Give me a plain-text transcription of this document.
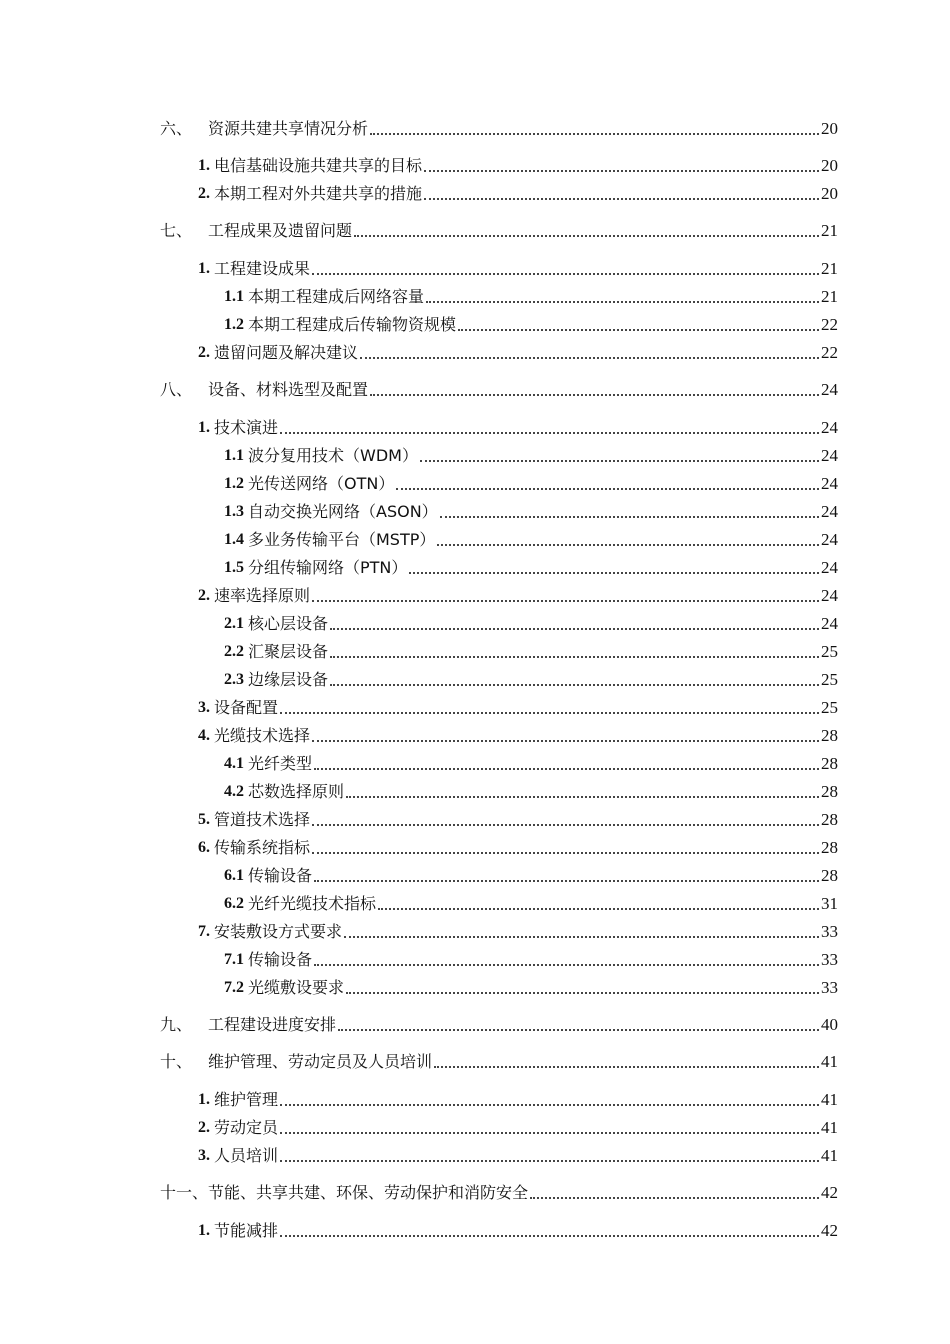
六、 资源共建共享情况分析	20
1. 电信基础设施共建共享的目标	20
2. 本期工程对外共建共享的措施	20
七、 工程成果及遗留问题	21
1. 工程建设成果	21
1.1 本期工程建成后网络容量	21
1.2 本期工程建成后传输物资规模	22
2. 遗留问题及解决建议	22
八、 设备、材料选型及配置	24
1. 技术演进	24
1.1 波分复用技术（WDM）	24
1.2 光传送网络（OTN）	24
1.3 自动交换光网络（ASON）	24
1.4 多业务传输平台（MSTP）	24
1.5 分组传输网络（PTN）	24
2. 速率选择原则	24
2.1 核心层设备	24
2.2 汇聚层设备	25
2.3 边缘层设备	25
3. 设备配置	25
4. 光缆技术选择	28
4.1 光纤类型	28
4.2 芯数选择原则	28
5. 管道技术选择	28
6. 传输系统指标	28
6.1 传输设备	28
6.2 光纤光缆技术指标	31
7. 安装敷设方式要求	33
7.1 传输设备	33
7.2 光缆敷设要求	33
九、 工程建设进度安排	40
十、 维护管理、劳动定员及人员培训	41
1. 维护管理	41
2. 劳动定员	41
3. 人员培训	41
十一、 节能、共享共建、环保、劳动保护和消防安全	42
1. 节能减排	42
